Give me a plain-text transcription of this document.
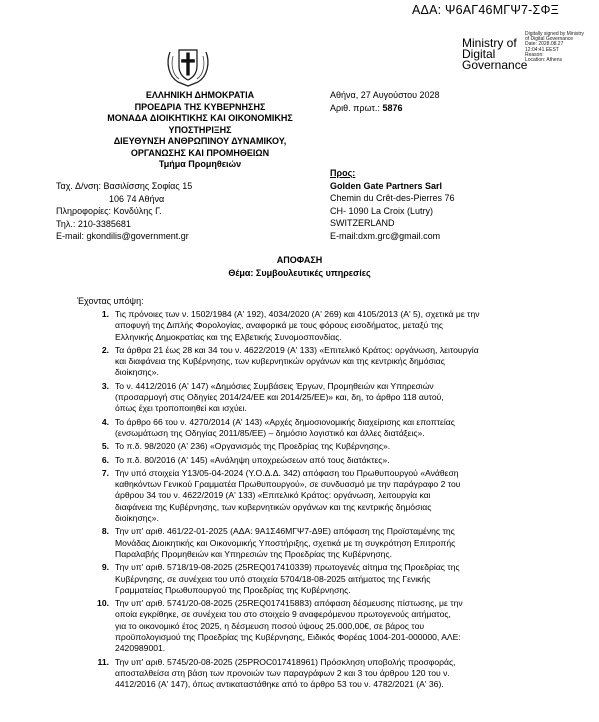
ΑΔΑ: Ψ6ΑΓ46ΜΓΨ7-ΣΦΞ
Ministry of
Digital
Governance
Digitally signed by Ministry
of Digital Governance
Date: 2028.08.27
12:04:41 EEST
Reason:
Location: Athens
ΕΛΛΗΝΙΚΗ ΔΗΜΟΚΡΑΤΙΑ
ΠΡΟΕΔΡΙΑ ΤΗΣ ΚΥΒΕΡΝΗΣΗΣ
ΜΟΝΑΔΑ ΔΙΟΙΚΗΤΙΚΗΣ ΚΑΙ ΟΙΚΟΝΟΜΙΚΗΣ
ΥΠΟΣΤΗΡΙΞΗΣ
ΔΙΕΥΘΥΝΣΗ ΑΝΘΡΩΠΙΝΟΥ ΔΥΝΑΜΙΚΟΥ,
ΟΡΓΑΝΩΣΗΣ ΚΑΙ ΠΡΟΜΗΘΕΙΩΝ
Τμήμα Προμηθειών
Αθήνα, 27 Αυγούστου 2028
Αριθ. πρωτ.: 5876
Ταχ. Δ/νση: Βασιλίσσης Σοφίας 15
106 74 Αθήνα
Πληροφορίες: Κονδύλης Γ.
Τηλ.: 210-3385681
E-mail: gkondilis@government.gr
Προς:
Golden Gate Partners Sarl
Chemin du Crêt-des-Pierres 76
CH- 1090 La Croix (Lutry)
SWITZERLAND
E-mail:dxm.grc@gmail.com
ΑΠΟΦΑΣΗ
Θέμα: Συμβουλευτικές υπηρεσίες
Έχοντας υπόψη:
1. Τις πρόνοιες των ν. 1502/1984 (Α' 192), 4034/2020 (Α' 269) και 4105/2013 (Α' 5), σχετικά με την
αποφυγή της Διπλής Φορολογίας, αναφορικά με τους φόρους εισοδήματος, μεταξύ της
Ελληνικής Δημοκρατίας και της Ελβετικής Συνομοσπονδίας.
2. Τα άρθρα 21 έως 28 και 34 του ν. 4622/2019 (Α' 133) «Επιτελικό Κράτος: οργάνωση, λειτουργία
και διαφάνεια της Κυβέρνησης, των κυβερνητικών οργάνων και της κεντρικής δημόσιας
διοίκησης».
3. Το ν. 4412/2016 (Α' 147) «Δημόσιες Συμβάσεις Έργων, Προμηθειών και Υπηρεσιών
(προσαρμογή στις Οδηγίες 2014/24/ΕΕ και 2014/25/ΕΕ)» και, δη, το άρθρο 118 αυτού,
όπως έχει τροποποιηθεί και ισχύει.
4. Το άρθρο 66 του ν. 4270/2014 (Α' 143) «Αρχές δημοσιονομικής διαχείρισης και εποπτείας
(ενσωμάτωση της Οδηγίας 2011/85/ΕΕ) – δημόσιο λογιστικό και άλλες διατάξεις».
5. Το π.δ. 98/2020 (Α' 236) «Οργανισμός της Προεδρίας της Κυβέρνησης».
6. Το π.δ. 80/2016 (Α' 145) «Ανάληψη υποχρεώσεων από τους διατάκτες».
7. Την υπό στοιχεία Υ13/05-04-2024 (Υ.Ο.Δ.Δ. 342) απόφαση του Πρωθυπουργού «Ανάθεση
καθηκόντων Γενικού Γραμματέα Πρωθυπουργού», σε συνδυασμό με την παράγραφο 2 του
άρθρου 34 του ν. 4622/2019 (Α' 133) «Επιτελικό Κράτος: οργάνωση, λειτουργία και
διαφάνεια της Κυβέρνησης, των κυβερνητικών οργάνων και της κεντρικής δημόσιας
διοίκησης».
8. Την υπ' αριθ. 461/22-01-2025 (ΑΔΑ: 9Α1Σ46ΜΓΨ7-Δ9Ε) απόφαση της Προϊσταμένης της
Μονάδας Διοικητικής και Οικονομικής Υποστήριξης, σχετικά με τη συγκρότηση Επιτροπής
Παραλαβής Προμηθειών και Υπηρεσιών της Προεδρίας της Κυβέρνησης.
9. Την υπ' αριθ. 5718/19-08-2025 (25REQ017410339) πρωτογενές αίτημα της Προεδρίας της
Κυβέρνησης, σε συνέχεια του υπό στοιχεία 5704/18-08-2025 αιτήματος της Γενικής
Γραμματείας Πρωθυπουργού της Προεδρίας της Κυβέρνησης.
10. Την υπ' αριθ. 5741/20-08-2025 (25REQ017415883) απόφαση δέσμευσης πίστωσης, με την
οποία εγκρίθηκε, σε συνέχεια του στο στοιχείο 9 αναφερόμενου πρωτογενούς αιτήματος,
για το οικονομικό έτος 2025, η δέσμευση ποσού ύψους 25.000,00€, σε βάρος του
προϋπολογισμού της Προεδρίας της Κυβέρνησης, Ειδικός Φορέας 1004-201-000000, ΑΛΕ:
2420989001.
11. Την υπ' αριθ. 5745/20-08-2025 (25PROC017418961) Πρόσκληση υποβολής προσφοράς,
αποσταλθείσα στη βάση των προνοιών των παραγράφων 2 και 3 του άρθρου 120 του ν.
4412/2016 (Α' 147), όπως αντικαταστάθηκε από το άρθρο 53 του ν. 4782/2021 (Α' 36).
